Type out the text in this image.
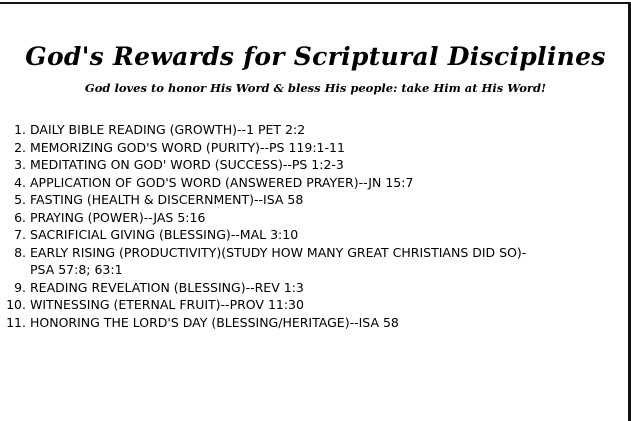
God's Rewards for Scriptural Disciplines
God loves to honor His Word & bless His people: take Him at His Word!
1. DAILY BIBLE READING (GROWTH)--1 PET 2:2
2. MEMORIZING GOD'S WORD (PURITY)--PS 119:1-11
3. MEDITATING ON GOD' WORD (SUCCESS)--PS 1:2-3
4. APPLICATION OF GOD'S WORD (ANSWERED PRAYER)--JN 15:7
5. FASTING (HEALTH & DISCERNMENT)--ISA 58
6. PRAYING (POWER)--JAS 5:16
7. SACRIFICIAL GIVING (BLESSING)--MAL 3:10
8. EARLY RISING (PRODUCTIVITY)(STUDY HOW MANY GREAT CHRISTIANS DID SO)-
PSA 57:8; 63:1
9. READING REVELATION (BLESSING)--REV 1:3
10. WITNESSING (ETERNAL FRUIT)--PROV 11:30
11. HONORING THE LORD'S DAY (BLESSING/HERITAGE)--ISA 58
